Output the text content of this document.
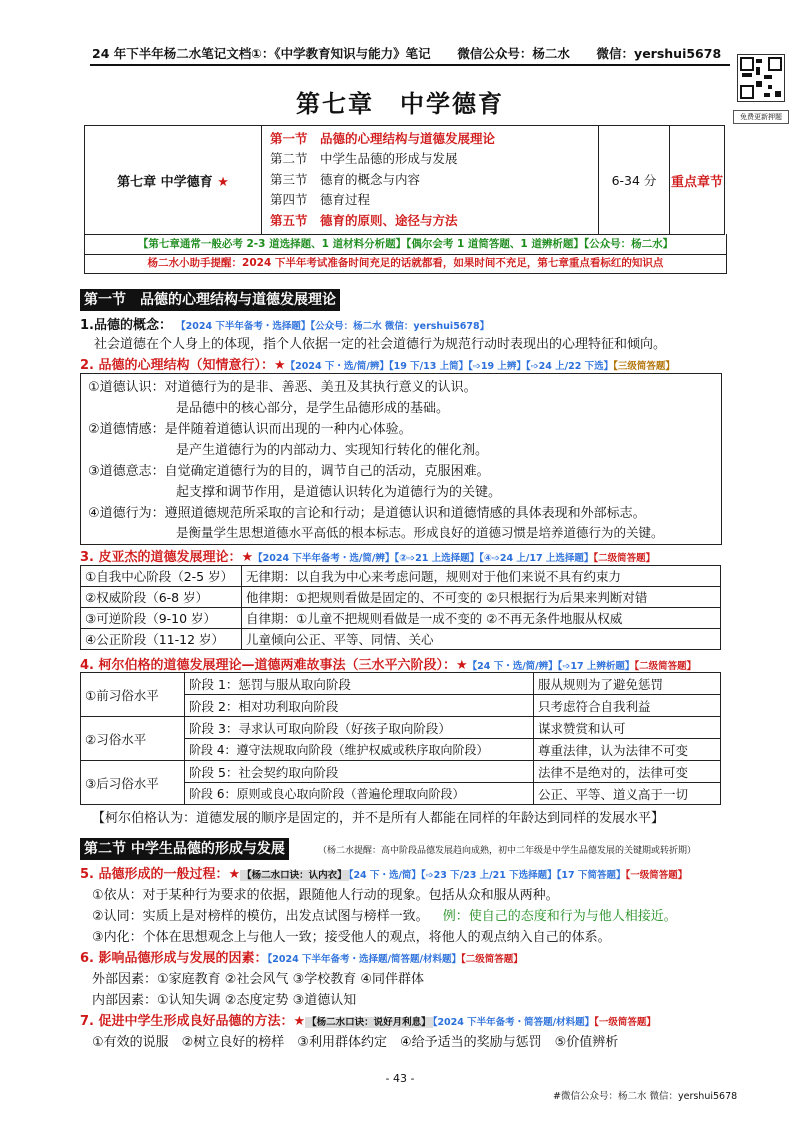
24 年下半年杨二水笔记文档①：《中学教育知识与能力》笔记 微信公众号：杨二水 微信：yershui5678
免费更新押题
第七章　中学德育
第七章 中学德育 ★	
第一节　品德的心理结构与道德发展理论
第二节　中学生品德的形成与发展
第三节　德育的概念与内容
第四节　德育过程
第五节　德育的原则、途径与方法
	6-34 分	重点章节
【第七章通常一般必考 2-3 道选择题、1 道材料分析题】【偶尔会考 1 道简答题、1 道辨析题】【公众号：杨二水】
杨二水小助手提醒：2024 下半年考试准备时间充足的话就都看，如果时间不充足，第七章重点看标红的知识点
第一节　品德的心理结构与道德发展理论
1.品德的概念： 【2024 下半年备考・选择题】【公众号：杨二水 微信：yershui5678】
社会道德在个人身上的体现，指个人依据一定的社会道德行为规范行动时表现出的心理特征和倾向。
2. 品德的心理结构（知情意行）：★【2024 下・选/简/辨】【19 下/13 上简】【➩19 上辨】【➩24 上/22 下选】【三级简答题】
①道德认识：对道德行为的是非、善恶、美丑及其执行意义的认识。
是品德中的核心部分，是学生品德形成的基础。
②道德情感：是伴随着道德认识而出现的一种内心体验。
是产生道德行为的内部动力、实现知行转化的催化剂。
③道德意志：自觉确定道德行为的目的，调节自己的活动，克服困难。
起支撑和调节作用，是道德认识转化为道德行为的关键。
④道德行为：遵照道德规范所采取的言论和行动；是道德认识和道德情感的具体表现和外部标志。
是衡量学生思想道德水平高低的根本标志。形成良好的道德习惯是培养道德行为的关键。
3. 皮亚杰的道德发展理论：★【2024 下半年备考・选/简/辨】【②➩21 上选择题】【④➩24 上/17 上选择题】【二级简答题】
①自我中心阶段（2-5 岁）	无律期：以自我为中心来考虑问题，规则对于他们来说不具有约束力
②权威阶段（6-8 岁）	他律期：①把规则看做是固定的、不可变的 ②只根据行为后果来判断对错
③可逆阶段（9-10 岁）	自律期：①儿童不把规则看做是一成不变的 ②不再无条件地服从权威
④公正阶段（11-12 岁）	儿童倾向公正、平等、同情、关心
4. 柯尔伯格的道德发展理论—道德两难故事法（三水平六阶段）：★【24 下・选/简/辨】【➩17 上辨析题】【二级简答题】
①前习俗水平	阶段 1：惩罚与服从取向阶段	服从规则为了避免惩罚
	阶段 2：相对功利取向阶段	只考虑符合自我利益
②习俗水平	阶段 3：寻求认可取向阶段（好孩子取向阶段）	谋求赞赏和认可
	阶段 4：遵守法规取向阶段（维护权威或秩序取向阶段）	尊重法律，认为法律不可变
③后习俗水平	阶段 5：社会契约取向阶段	法律不是绝对的，法律可变
	阶段 6：原则或良心取向阶段（普遍伦理取向阶段）	公正、平等、道义高于一切
【柯尔伯格认为：道德发展的顺序是固定的，并不是所有人都能在同样的年龄达到同样的发展水平】
第二节 中学生品德的形成与发展	（杨二水提醒：高中阶段品德发展趋向成熟，初中二年级是中学生品德发展的关键期或转折期）
5. 品德形成的一般过程：★ 【杨二水口诀：认内衣】 【24 下・选/简】【➩23 下/23 上/21 下选择题】【17 下简答题】【一级简答题】
①依从：对于某种行为要求的依据，跟随他人行动的现象。包括从众和服从两种。
②认同：实质上是对榜样的模仿，出发点试图与榜样一致。 例：使自己的态度和行为与他人相接近。
③内化：个体在思想观念上与他人一致；接受他人的观点，将他人的观点纳入自己的体系。
6. 影响品德形成与发展的因素：【2024 下半年备考・选择题/简答题/材料题】【二级简答题】
外部因素：①家庭教育 ②社会风气 ③学校教育 ④同伴群体
内部因素：①认知失调 ②态度定势 ③道德认知
7. 促进中学生形成良好品德的方法：★ 【杨二水口诀：说好月利息】 【2024 下半年备考・简答题/材料题】【一级简答题】
①有效的说服　②树立良好的榜样　③利用群体约定　④给予适当的奖励与惩罚　⑤价值辨析
- 43 -
#微信公众号：杨二水 微信：yershui5678
